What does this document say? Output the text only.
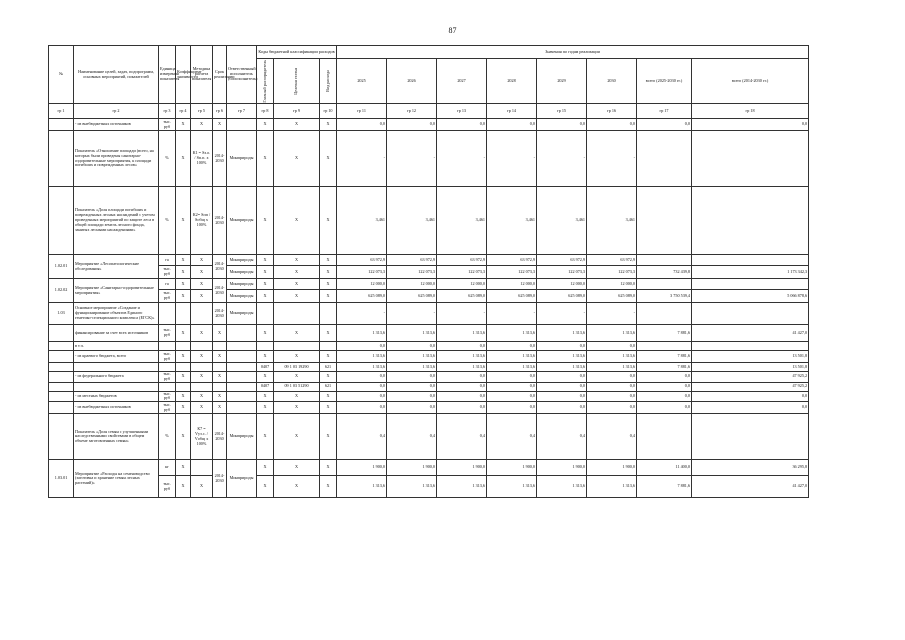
87
№	Наименование целей, задач, подпрограмм, основных мероприятий, показателей	Единица измерения показателя	Коэффициент значимости	Методика расчета показателя	Срок реализации	Ответственный исполнитель (соисполнитель)	Коды бюджетной классификации расходов			Значения по годам реализации							

							Главный распорядитель	Целевая статья	Вид расхода	2025	2026	2027	2028	2029	2030	всего (2025-2030 гг.)	всего (2014-2030 гг.)
гр 1	гр 2	гр 3	гр 4	гр 5	гр 6	гр 7	гр 8	гр 9	гр 10	гр 11	гр 12	гр 13	гр 14	гр 15	гр 16	гр 17	гр 18
	- из внебюджетных источников	тыс. руб	X	X	X		X	X	X	0,0	0,0	0,0	0,0	0,0	0,0	0,0	0,0
	Показатель «Отношение площади (всего, на которых были проведены санитарно-оздоровительные мероприятия, к площади погибших и поврежденных лесов»	%	X	К1 = Sз.о. / Sп.п. х 100%	2014-2030	Минприроды	X	X	X	-	-	-	-	-	-		
	Показатель «Доля площади погибших и поврежденных лесных насаждений с учетом проведенных мероприятий по защите леса в общей площади земель лесного фонда, занятых лесными насаждениями»	%	X	К2= Sпп / Sобщ х 100%	2014-2030	Минприроды	X	X	X	3,461	3,461	3,461	3,461	3,461	3,461		
1.02.01	Мероприятие «Лесопатологические обследования»	га	X	X	2014-2030	Минприроды	X	X	X	63 972,9	63 972,9	63 972,9	63 972,9	63 972,9	63 972,9		
		тыс. руб	X	X		Минприроды	X	X	X	122 073,3	122 073,3	122 073,3	122 073,3	122 073,3	122 073,3	732 439,8	1 173 342,3
1.02.02	Мероприятие «Санитарно-оздоровительные мероприятия»	га	X	X	2014-2030	Минприроды	X	X	X	12 000,0	12 000,0	12 000,0	12 000,0	12 000,0	12 000,0		
		тыс. руб	X	X		Минприроды	X	X	X	625 089,0	625 089,0	625 089,0	625 089,0	625 089,0	625 089,0	3 750 539,4	5 066 878,6
1.03	Основное мероприятие «Создание и функционирование объектов Единого генетико-селекционного комплекса (ЕГСК)»				2014-2030	Минприроды				-	-	-	-	-	-		
	финансирование за счет всех источников	тыс. руб	X	X	X		X	X	X	1 313,6	1 313,6	1 313,6	1 313,6	1 313,6	1 313,6	7 881,6	41 427,0
	в т.ч.									0,0	0,0	0,0	0,0	0,0	0,0		
	- из краевого бюджета, всего	тыс. руб	X	X	X		X	X	X	1 313,6	1 313,6	1 313,6	1 313,6	1 313,6	1 313,6	7 881,6	13 501,8
							0407	09 1 03 19290	621	1 313,6	1 313,6	1 313,6	1 313,6	1 313,6	1 313,6	7 881,6	13 501,8
	- из федерального бюджета	тыс. руб	X	X	X		X	X	X	0,0	0,0	0,0	0,0	0,0	0,0	0,0	47 925,2
							0407	09 1 03 51290	621	0,0	0,0	0,0	0,0	0,0	0,0	0,0	47 925,2
	- из местных бюджетов	тыс. руб	X	X	X		X	X	X	0,0	0,0	0,0	0,0	0,0	0,0	0,0	0,0
	- из внебюджетных источников	тыс. руб	X	X	X		X	X	X	0,0	0,0	0,0	0,0	0,0	0,0	0,0	0,0
	Показатель «Доля семян с улучшенными наследственными свойствами в общем объеме заготовленных семян»	%	X	К7 = Vуз.с. / Vобщ х 100%	2014-2030	Минприроды	X	X	X	0,4	0,4	0,4	0,4	0,4	0,4		
1.03.01	Мероприятие «Расходы на семеноводство (заготовка и хранение семян лесных растений)»	кг	X		2014-2030	Минприроды	X	X	X	1 900,0	1 900,0	1 900,0	1 900,0	1 900,0	1 900,0	11 400,0	36 295,8
		тыс. руб	X	X			X	X	X	1 313,6	1 313,6	1 313,6	1 313,6	1 313,6	1 313,6	7 881,6	41 427,0
